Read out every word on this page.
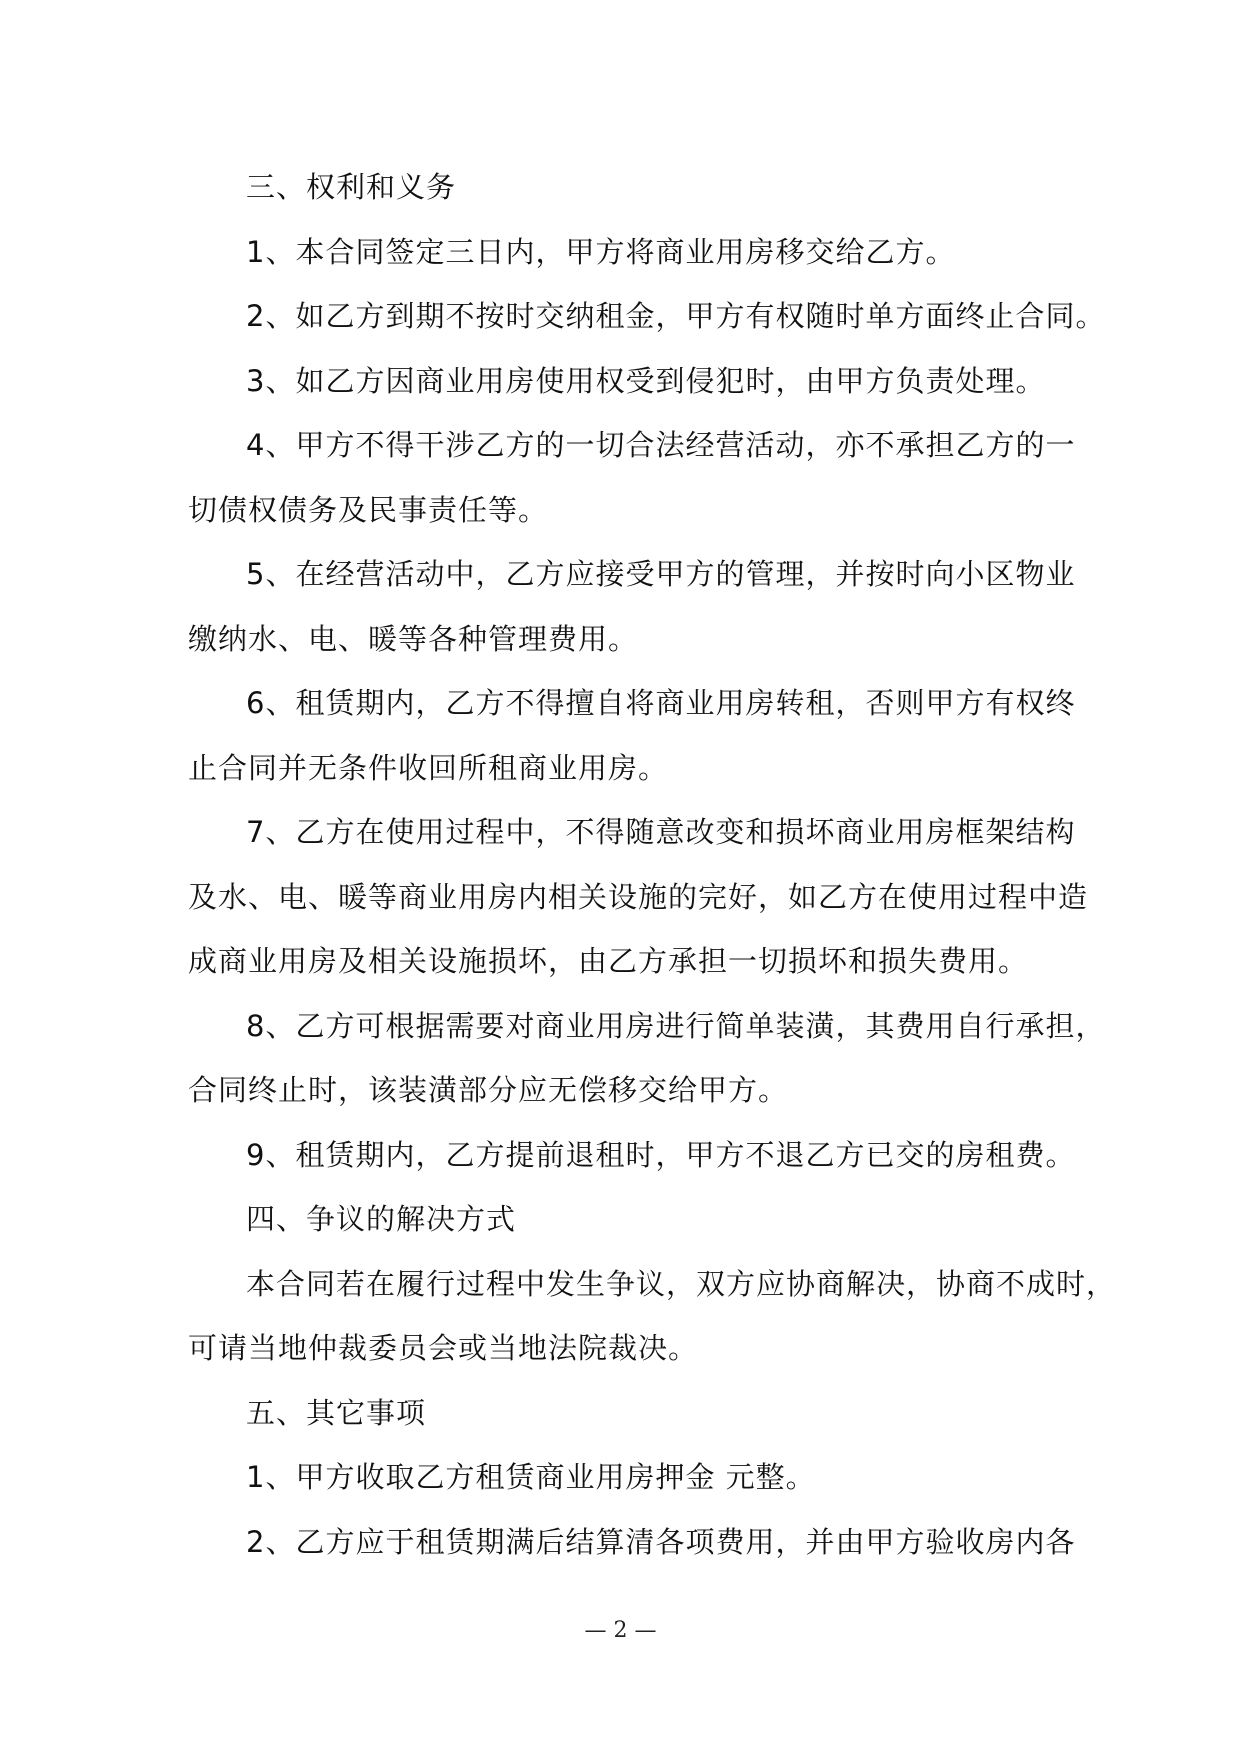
三、权利和义务
1、本合同签定三日内，甲方将商业用房移交给乙方。
2、如乙方到期不按时交纳租金，甲方有权随时单方面终止合同。
3、如乙方因商业用房使用权受到侵犯时，由甲方负责处理。
4、甲方不得干涉乙方的一切合法经营活动，亦不承担乙方的一
切债权债务及民事责任等。
5、在经营活动中，乙方应接受甲方的管理，并按时向小区物业
缴纳水、电、暖等各种管理费用。
6、租赁期内，乙方不得擅自将商业用房转租，否则甲方有权终
止合同并无条件收回所租商业用房。
7、乙方在使用过程中，不得随意改变和损坏商业用房框架结构
及水、电、暖等商业用房内相关设施的完好，如乙方在使用过程中造
成商业用房及相关设施损坏，由乙方承担一切损坏和损失费用。
8、乙方可根据需要对商业用房进行简单装潢，其费用自行承担，
合同终止时，该装潢部分应无偿移交给甲方。
9、租赁期内，乙方提前退租时，甲方不退乙方已交的房租费。
四、争议的解决方式
本合同若在履行过程中发生争议，双方应协商解决，协商不成时，
可请当地仲裁委员会或当地法院裁决。
五、其它事项
1、甲方收取乙方租赁商业用房押金 元整。
2、乙方应于租赁期满后结算清各项费用，并由甲方验收房内各
— 2 —
